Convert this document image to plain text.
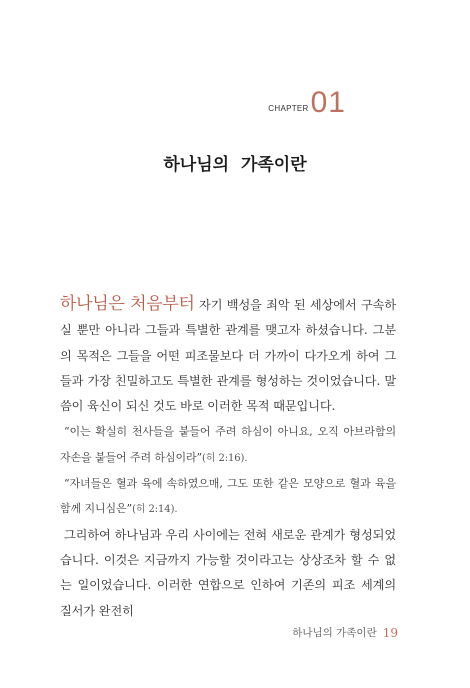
CHAPTER 01
하나님의 가족이란

하나님은 처음부터 자기 백성을 죄악 된 세상에서 구속하실 뿐만 아니라 그들과 특별한 관계를 맺고자 하셨습니다. 그분의 목적은 그들을 어떤 피조물보다 더 가까이 다가오게 하여 그들과 가장 친밀하고도 특별한 관계를 형성하는 것이었습니다. 말씀이 육신이 되신 것도 바로 이러한 목적 때문입니다.

“이는 확실히 천사들을 붙들어 주려 하심이 아니요, 오직 아브라함의 자손을 붙들어 주려 하심이라”(히 2:16).

“자녀들은 혈과 육에 속하였으매, 그도 또한 같은 모양으로 혈과 육을 함께 지니심은”(히 2:14).

그리하여 하나님과 우리 사이에는 전혀 새로운 관계가 형성되었습니다. 이것은 지금까지 가능할 것이라고는 상상조차 할 수 없는 일이었습니다. 이러한 연합으로 인하여 기존의 피조 세계의 질서가 완전히

하나님의 가족이란 19
